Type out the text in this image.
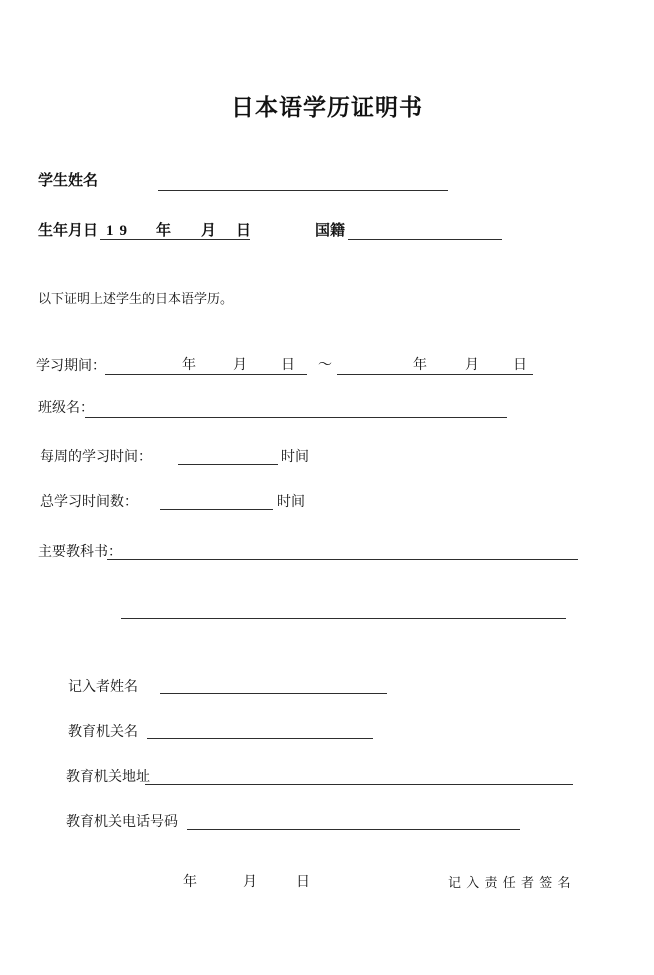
日本语学历证明书
学生姓名
生年月日 19 年 月 日	国籍
以下证明上述学生的日本语学历。
学习期间：	年	月 日 ～	年	月 日
班级名：
每周的学习时间：	时间
总学习时间数：	时间
主要教科书：
记入者姓名
教育机关名
教育机关地址
教育机关电话号码
年	月	日	记 入 责 任 者 签 名
